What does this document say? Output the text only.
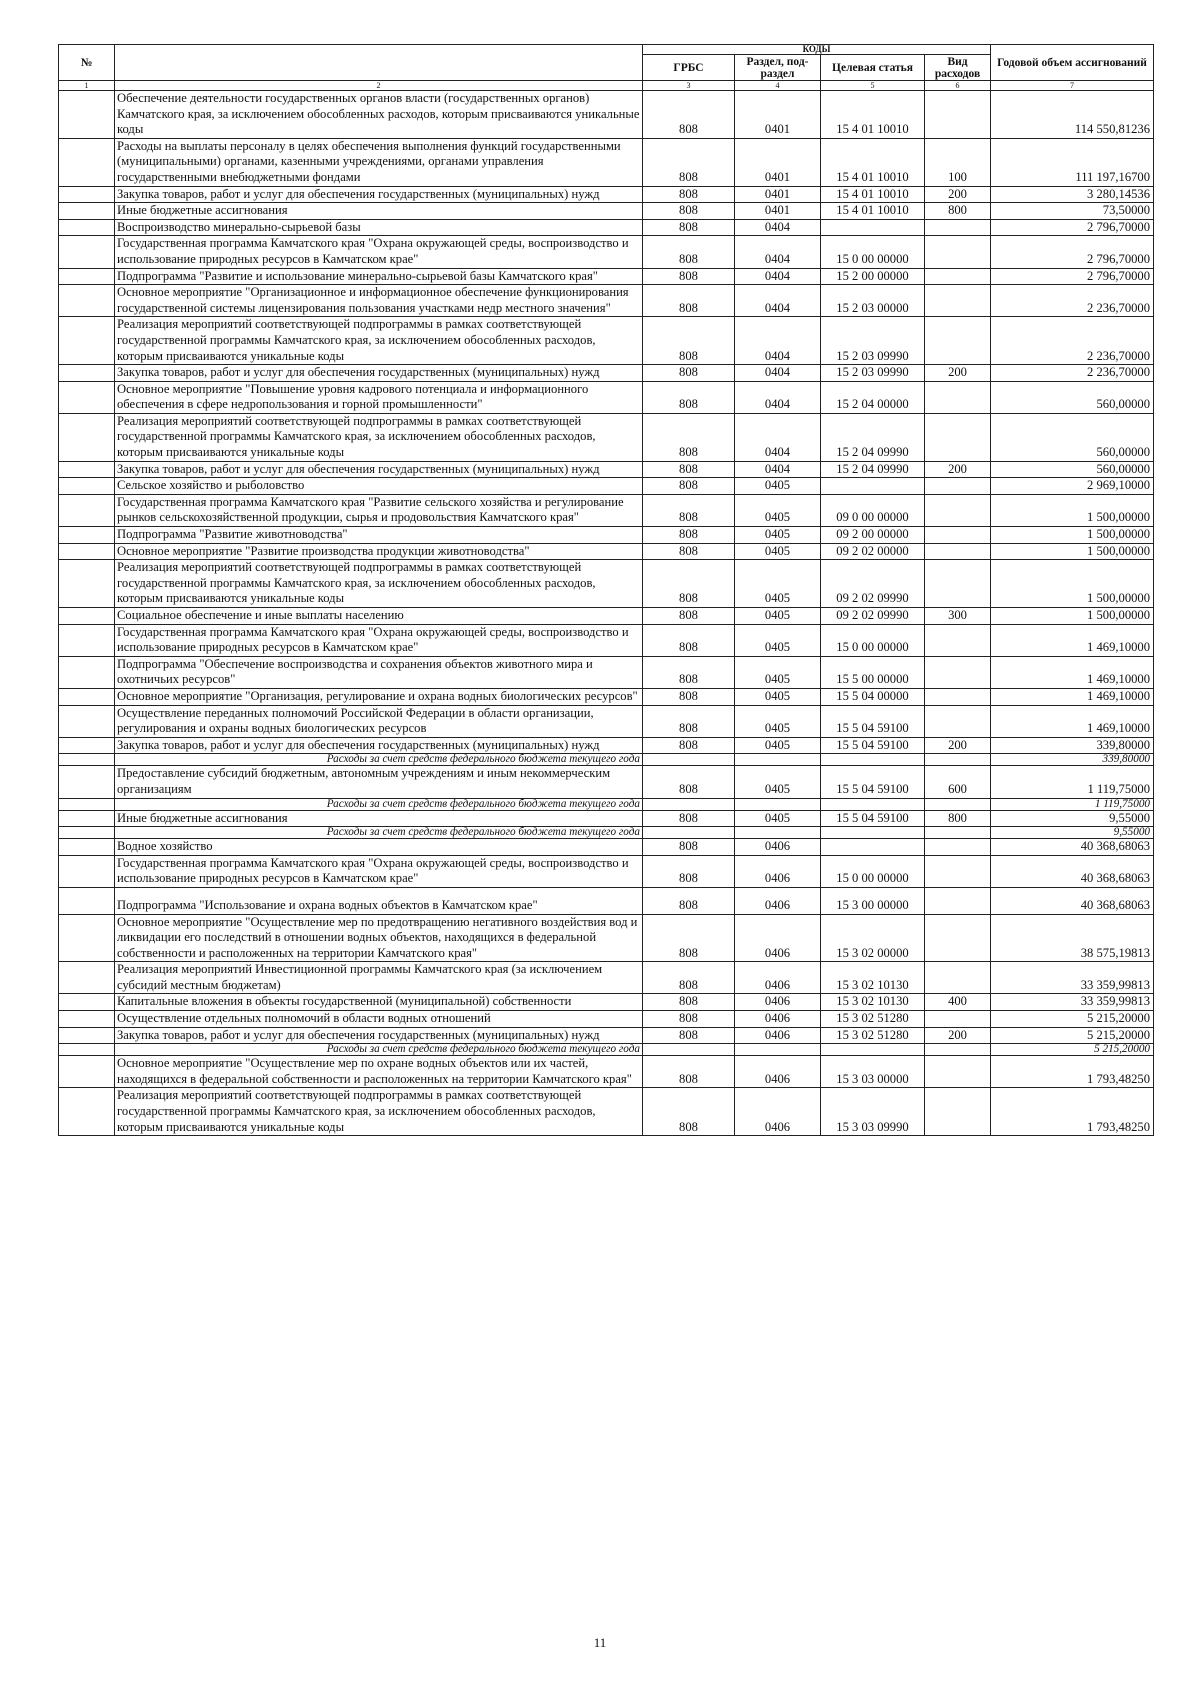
№		КОДЫ				Годовой объем ассигнований
		ГРБС	Раздел, под-раздел	Целевая статья	Вид расходов	
1	2	3	4	5	6	7
	Обеспечение деятельности государственных органов власти (государственных органов) Камчатского края, за исключением обособленных расходов, которым присваиваются уникальные коды	808	0401	15 4 01 10010		114 550,81236
	Расходы на выплаты персоналу в целях обеспечения выполнения функций государственными (муниципальными) органами, казенными учреждениями, органами управления государственными внебюджетными фондами	808	0401	15 4 01 10010	100	111 197,16700
	Закупка товаров, работ и услуг для обеспечения государственных (муниципальных) нужд	808	0401	15 4 01 10010	200	3 280,14536
	Иные бюджетные ассигнования	808	0401	15 4 01 10010	800	73,50000
	Воспроизводство минерально-сырьевой базы	808	0404			2 796,70000
	Государственная программа Камчатского края "Охрана окружающей среды, воспроизводство и использование природных ресурсов в Камчатском крае"	808	0404	15 0 00 00000		2 796,70000
	Подпрограмма "Развитие и использование минерально-сырьевой базы Камчатского края"	808	0404	15 2 00 00000		2 796,70000
	Основное мероприятие "Организационное и информационное обеспечение функционирования государственной системы лицензирования пользования участками недр местного значения"	808	0404	15 2 03 00000		2 236,70000
	Реализация мероприятий соответствующей подпрограммы в рамках соответствующей государственной программы Камчатского края, за исключением обособленных расходов, которым присваиваются уникальные коды	808	0404	15 2 03 09990		2 236,70000
	Закупка товаров, работ и услуг для обеспечения государственных (муниципальных) нужд	808	0404	15 2 03 09990	200	2 236,70000
	Основное мероприятие "Повышение уровня кадрового потенциала и информационного обеспечения в сфере недропользования и горной промышленности"	808	0404	15 2 04 00000		560,00000
	Реализация мероприятий соответствующей подпрограммы в рамках соответствующей государственной программы Камчатского края, за исключением обособленных расходов, которым присваиваются уникальные коды	808	0404	15 2 04 09990		560,00000
	Закупка товаров, работ и услуг для обеспечения государственных (муниципальных) нужд	808	0404	15 2 04 09990	200	560,00000
	Сельское хозяйство и рыболовство	808	0405			2 969,10000
	Государственная программа Камчатского края "Развитие сельского хозяйства и регулирование рынков сельскохозяйственной продукции, сырья и продовольствия Камчатского края"	808	0405	09 0 00 00000		1 500,00000
	Подпрограмма "Развитие животноводства"	808	0405	09 2 00 00000		1 500,00000
	Основное мероприятие "Развитие производства продукции животноводства"	808	0405	09 2 02 00000		1 500,00000
	Реализация мероприятий соответствующей подпрограммы в рамках соответствующей государственной программы Камчатского края, за исключением обособленных расходов, которым присваиваются уникальные коды	808	0405	09 2 02 09990		1 500,00000
	Социальное обеспечение и иные выплаты населению	808	0405	09 2 02 09990	300	1 500,00000
	Государственная программа Камчатского края "Охрана окружающей среды, воспроизводство и использование природных ресурсов в Камчатском крае"	808	0405	15 0 00 00000		1 469,10000
	Подпрограмма "Обеспечение воспроизводства и сохранения объектов животного мира и охотничьих ресурсов"	808	0405	15 5 00 00000		1 469,10000
	Основное мероприятие "Организация, регулирование и охрана водных биологических ресурсов"	808	0405	15 5 04 00000		1 469,10000
	Осуществление переданных полномочий Российской Федерации в области организации, регулирования и охраны водных биологических ресурсов	808	0405	15 5 04 59100		1 469,10000
	Закупка товаров, работ и услуг для обеспечения государственных (муниципальных) нужд	808	0405	15 5 04 59100	200	339,80000
	Расходы за счет средств федерального бюджета текущего года					339,80000
	Предоставление субсидий бюджетным, автономным учреждениям и иным некоммерческим организациям	808	0405	15 5 04 59100	600	1 119,75000
	Расходы за счет средств федерального бюджета текущего года					1 119,75000
	Иные бюджетные ассигнования	808	0405	15 5 04 59100	800	9,55000
	Расходы за счет средств федерального бюджета текущего года					9,55000
	Водное хозяйство	808	0406			40 368,68063
	Государственная программа Камчатского края "Охрана окружающей среды, воспроизводство и использование природных ресурсов в Камчатском крае"	808	0406	15 0 00 00000		40 368,68063
	Подпрограмма "Использование и охрана водных объектов в Камчатском крае"	808	0406	15 3 00 00000		40 368,68063
	Основное мероприятие "Осуществление мер по предотвращению негативного воздействия вод и ликвидации его последствий в отношении водных объектов, находящихся в федеральной собственности и расположенных на территории Камчатского края"	808	0406	15 3 02 00000		38 575,19813
	Реализация мероприятий Инвестиционной программы Камчатского края (за исключением субсидий местным бюджетам)	808	0406	15 3 02 10130		33 359,99813
	Капитальные вложения в объекты государственной (муниципальной) собственности	808	0406	15 3 02 10130	400	33 359,99813
	Осуществление отдельных полномочий в области водных отношений	808	0406	15 3 02 51280		5 215,20000
	Закупка товаров, работ и услуг для обеспечения государственных (муниципальных) нужд	808	0406	15 3 02 51280	200	5 215,20000
	Расходы за счет средств федерального бюджета текущего года					5 215,20000
	Основное мероприятие "Осуществление мер по охране водных объектов или их частей, находящихся в федеральной собственности и расположенных на территории Камчатского края"	808	0406	15 3 03 00000		1 793,48250
	Реализация мероприятий соответствующей подпрограммы в рамках соответствующей государственной программы Камчатского края, за исключением обособленных расходов, которым присваиваются уникальные коды	808	0406	15 3 03 09990		1 793,48250
11
